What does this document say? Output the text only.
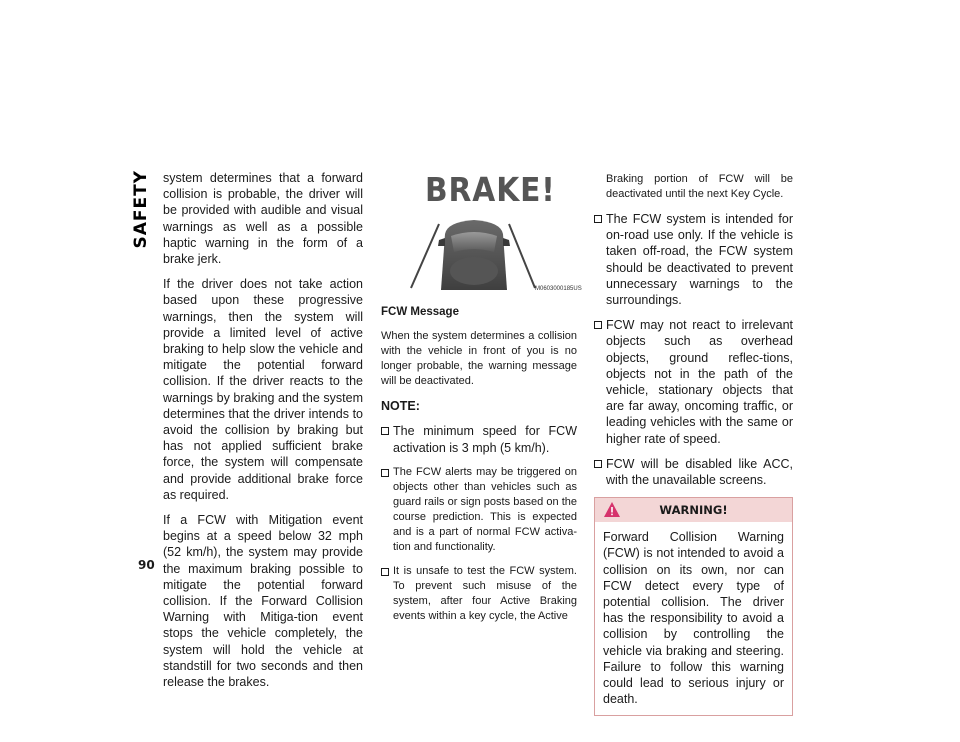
SAFETY
90

system determines that a forward collision is probable, the driver will be provided with audible and visual warnings as well as a possible haptic warning in the form of a brake jerk.

If the driver does not take action based upon these progressive warnings, then the system will provide a limited level of active braking to help slow the vehicle and mitigate the potential forward collision. If the driver reacts to the warnings by braking and the system determines that the driver intends to avoid the collision by braking but has not applied sufficient brake force, the system will compensate and provide additional brake force as required.

If a FCW with Mitigation event begins at a speed below 32 mph (52 km/h), the system may provide the maximum braking possible to mitigate the potential forward collision. If the Forward Collision Warning with Mitiga-tion event stops the vehicle completely, the system will hold the vehicle at standstill for two seconds and then release the brakes.

BRAKE!
M0603000185US

FCW Message

When the system determines a collision with the vehicle in front of you is no longer probable, the warning message will be deactivated.

NOTE:

The minimum speed for FCW activation is 3 mph (5 km/h).
The FCW alerts may be triggered on objects other than vehicles such as guard rails or sign posts based on the course prediction. This is expected and is a part of normal FCW activa-tion and functionality.
It is unsafe to test the FCW system. To prevent such misuse of the system, after four Active Braking events within a key cycle, the Active

Braking portion of FCW will be deactivated until the next Key Cycle.

The FCW system is intended for on-road use only. If the vehicle is taken off-road, the FCW system should be deactivated to prevent unnecessary warnings to the surroundings.
FCW may not react to irrelevant objects such as overhead objects, ground reflec-tions, objects not in the path of the vehicle, stationary objects that are far away, oncoming traffic, or leading vehicles with the same or higher rate of speed.
FCW will be disabled like ACC, with the unavailable screens.
WARNING!
Forward Collision Warning (FCW) is not intended to avoid a collision on its own, nor can FCW detect every type of potential collision. The driver has the responsibility to avoid a collision by controlling the vehicle via braking and steering. Failure to follow this warning could lead to serious injury or death.
